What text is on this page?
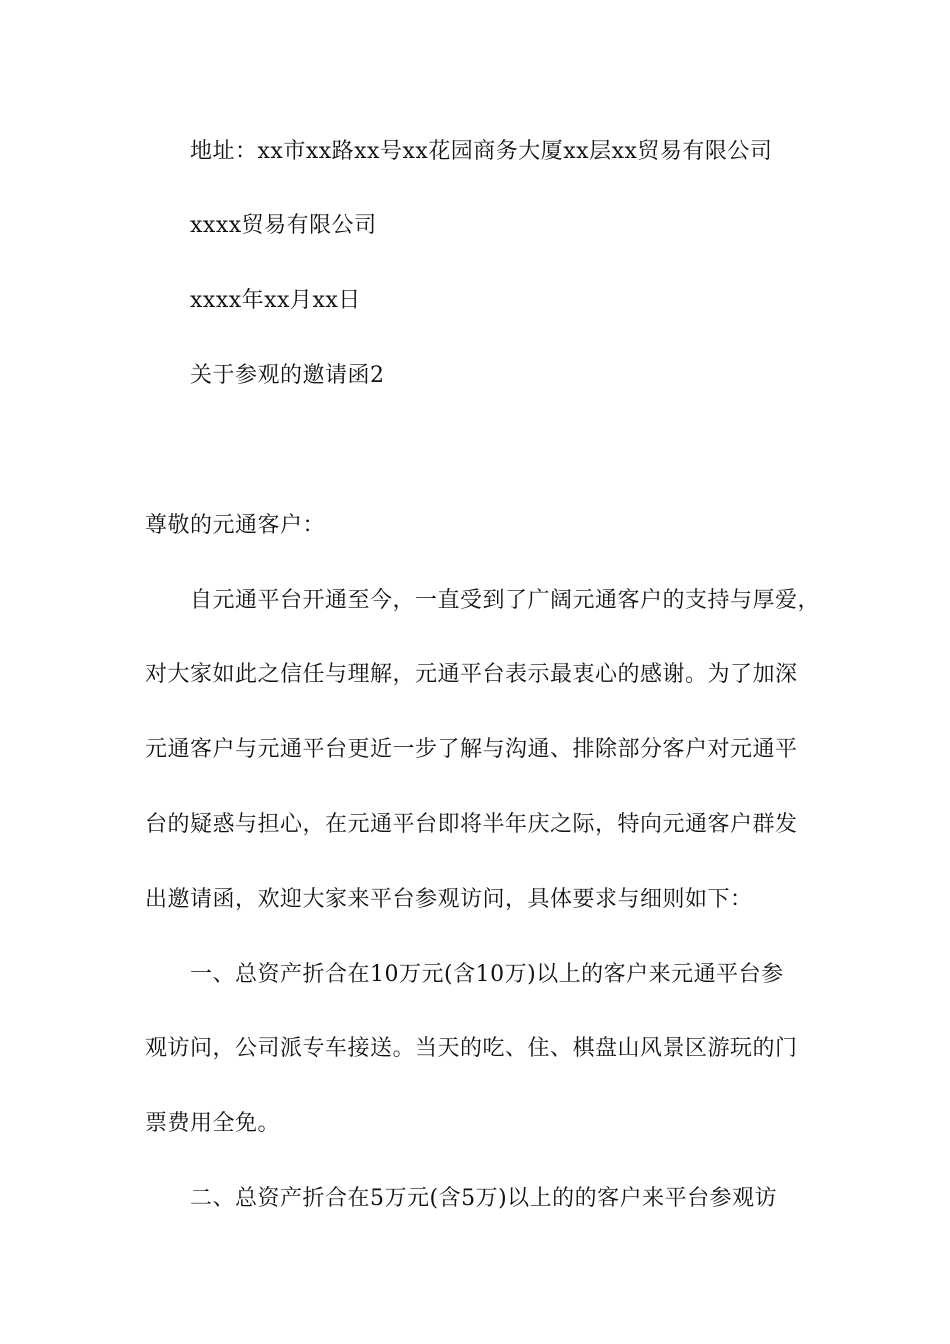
地址：xx市xx路xx号xx花园商务大厦xx层xx贸易有限公司
xxxx贸易有限公司
xxxx年xx月xx日
关于参观的邀请函2
尊敬的元通客户：
自元通平台开通至今，一直受到了广阔元通客户的支持与厚爱，
对大家如此之信任与理解，元通平台表示最衷心的感谢。为了加深
元通客户与元通平台更近一步了解与沟通、排除部分客户对元通平
台的疑惑与担心，在元通平台即将半年庆之际，特向元通客户群发
出邀请函，欢迎大家来平台参观访问，具体要求与细则如下：
一、总资产折合在10万元(含10万)以上的客户来元通平台参
观访问，公司派专车接送。当天的吃、住、棋盘山风景区游玩的门
票费用全免。
二、总资产折合在5万元(含5万)以上的的客户来平台参观访
